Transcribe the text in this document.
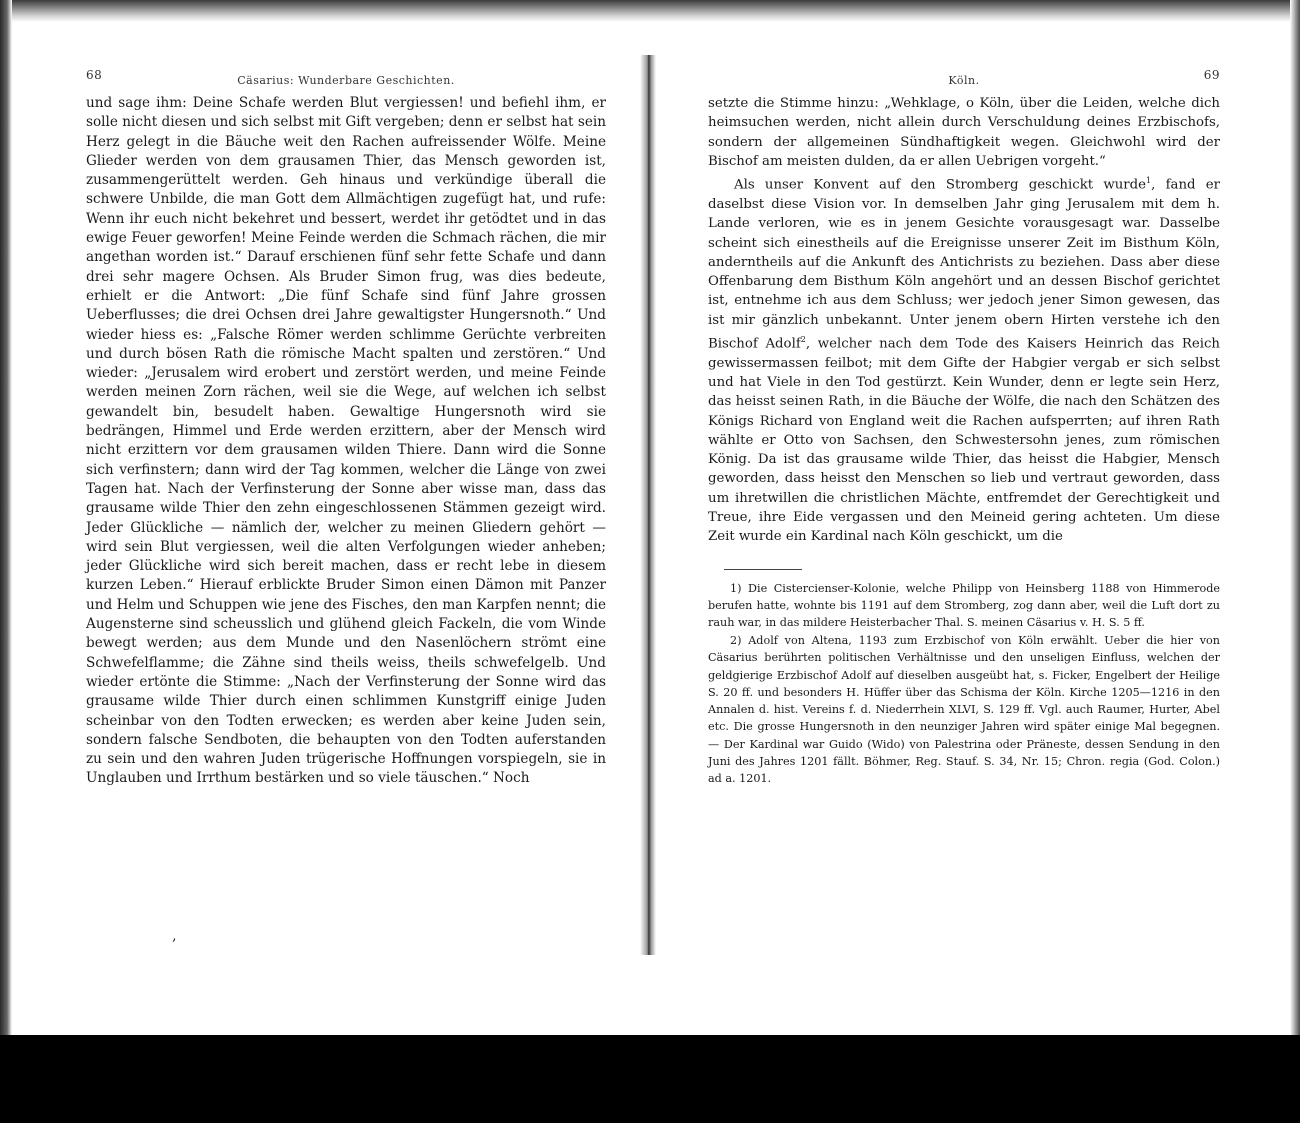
68	Cäsarius: Wunderbare Geschichten.

und sage ihm: Deine Schafe werden Blut vergiessen! und befiehl ihm, er solle nicht diesen und sich selbst mit Gift vergeben; denn er selbst hat sein Herz gelegt in die Bäuche weit den Rachen aufreissender Wölfe. Meine Glieder werden von dem grausamen Thier, das Mensch geworden ist, zusammengerüttelt werden. Geh hinaus und verkündige überall die schwere Unbilde, die man Gott dem Allmächtigen zugefügt hat, und rufe: Wenn ihr euch nicht bekehret und bessert, werdet ihr getödtet und in das ewige Feuer geworfen! Meine Feinde werden die Schmach rächen, die mir angethan worden ist.“ Darauf erschienen fünf sehr fette Schafe und dann drei sehr magere Ochsen. Als Bruder Simon frug, was dies bedeute, erhielt er die Antwort: „Die fünf Schafe sind fünf Jahre grossen Ueberflusses; die drei Ochsen drei Jahre gewaltigster Hungersnoth.“ Und wieder hiess es: „Falsche Römer werden schlimme Gerüchte verbreiten und durch bösen Rath die römische Macht spalten und zerstören.“ Und wieder: „Jerusalem wird erobert und zerstört werden, und meine Feinde werden meinen Zorn rächen, weil sie die Wege, auf welchen ich selbst gewandelt bin, besudelt haben. Gewaltige Hungersnoth wird sie bedrängen, Himmel und Erde werden erzittern, aber der Mensch wird nicht erzittern vor dem grausamen wilden Thiere. Dann wird die Sonne sich verfinstern; dann wird der Tag kommen, welcher die Länge von zwei Tagen hat. Nach der Verfinsterung der Sonne aber wisse man, dass das grausame wilde Thier den zehn eingeschlossenen Stämmen gezeigt wird. Jeder Glückliche — nämlich der, welcher zu meinen Gliedern gehört — wird sein Blut vergiessen, weil die alten Verfolgungen wieder anheben; jeder Glückliche wird sich bereit machen, dass er recht lebe in diesem kurzen Leben.“ Hierauf erblickte Bruder Simon einen Dämon mit Panzer und Helm und Schuppen wie jene des Fisches, den man Karpfen nennt; die Augensterne sind scheusslich und glühend gleich Fackeln, die vom Winde bewegt werden; aus dem Munde und den Nasenlöchern strömt eine Schwefelflamme; die Zähne sind theils weiss, theils schwefelgelb. Und wieder ertönte die Stimme: „Nach der Verfinsterung der Sonne wird das grausame wilde Thier durch einen schlimmen Kunstgriff einige Juden scheinbar von den Todten erwecken; es werden aber keine Juden sein, sondern falsche Sendboten, die behaupten von den Todten auferstanden zu sein und den wahren Juden trügerische Hoffnungen vorspiegeln, sie in Unglauben und Irrthum bestärken und so viele täuschen.“ Noch

‚
Köln.	69

setzte die Stimme hinzu: „Wehklage, o Köln, über die Leiden, welche dich heimsuchen werden, nicht allein durch Verschuldung deines Erzbischofs, sondern der allgemeinen Sündhaftigkeit wegen. Gleichwohl wird der Bischof am meisten dulden, da er allen Uebrigen vorgeht.“

Als unser Konvent auf den Stromberg geschickt wurde$^1$, fand er daselbst diese Vision vor. In demselben Jahr ging Jerusalem mit dem h. Lande verloren, wie es in jenem Gesichte vorausgesagt war. Dasselbe scheint sich einestheils auf die Ereignisse unserer Zeit im Bisthum Köln, anderntheils auf die Ankunft des Antichrists zu beziehen. Dass aber diese Offenbarung dem Bisthum Köln angehört und an dessen Bischof gerichtet ist, entnehme ich aus dem Schluss; wer jedoch jener Simon gewesen, das ist mir gänzlich unbekannt. Unter jenem obern Hirten verstehe ich den Bischof Adolf$^2$, welcher nach dem Tode des Kaisers Heinrich das Reich gewissermassen feilbot; mit dem Gifte der Habgier vergab er sich selbst und hat Viele in den Tod gestürzt. Kein Wunder, denn er legte sein Herz, das heisst seinen Rath, in die Bäuche der Wölfe, die nach den Schätzen des Königs Richard von England weit die Rachen aufsperrten; auf ihren Rath wählte er Otto von Sachsen, den Schwestersohn jenes, zum römischen König. Da ist das grausame wilde Thier, das heisst die Habgier, Mensch geworden, dass heisst den Menschen so lieb und vertraut geworden, dass um ihretwillen die christlichen Mächte, entfremdet der Gerechtigkeit und Treue, ihre Eide vergassen und den Meineid gering achteten. Um diese Zeit wurde ein Kardinal nach Köln geschickt, um die

1) Die Cistercienser-Kolonie, welche Philipp von Heinsberg 1188 von Himmerode berufen hatte, wohnte bis 1191 auf dem Stromberg, zog dann aber, weil die Luft dort zu rauh war, in das mildere Heisterbacher Thal. S. meinen Cäsarius v. H. S. 5 ff.

2) Adolf von Altena, 1193 zum Erzbischof von Köln erwählt. Ueber die hier von Cäsarius berührten politischen Verhältnisse und den unseligen Einfluss, welchen der geldgierige Erzbischof Adolf auf dieselben ausgeübt hat, s. Ficker, Engelbert der Heilige S. 20 ff. und besonders H. Hüffer über das Schisma der Köln. Kirche 1205—1216 in den Annalen d. hist. Vereins f. d. Niederrhein XLVI, S. 129 ff. Vgl. auch Raumer, Hurter, Abel etc. Die grosse Hungersnoth in den neunziger Jahren wird später einige Mal begegnen. — Der Kardinal war Guido (Wido) von Palestrina oder Präneste, dessen Sendung in den Juni des Jahres 1201 fällt. Böhmer, Reg. Stauf. S. 34, Nr. 15; Chron. regia (God. Colon.) ad a. 1201.
